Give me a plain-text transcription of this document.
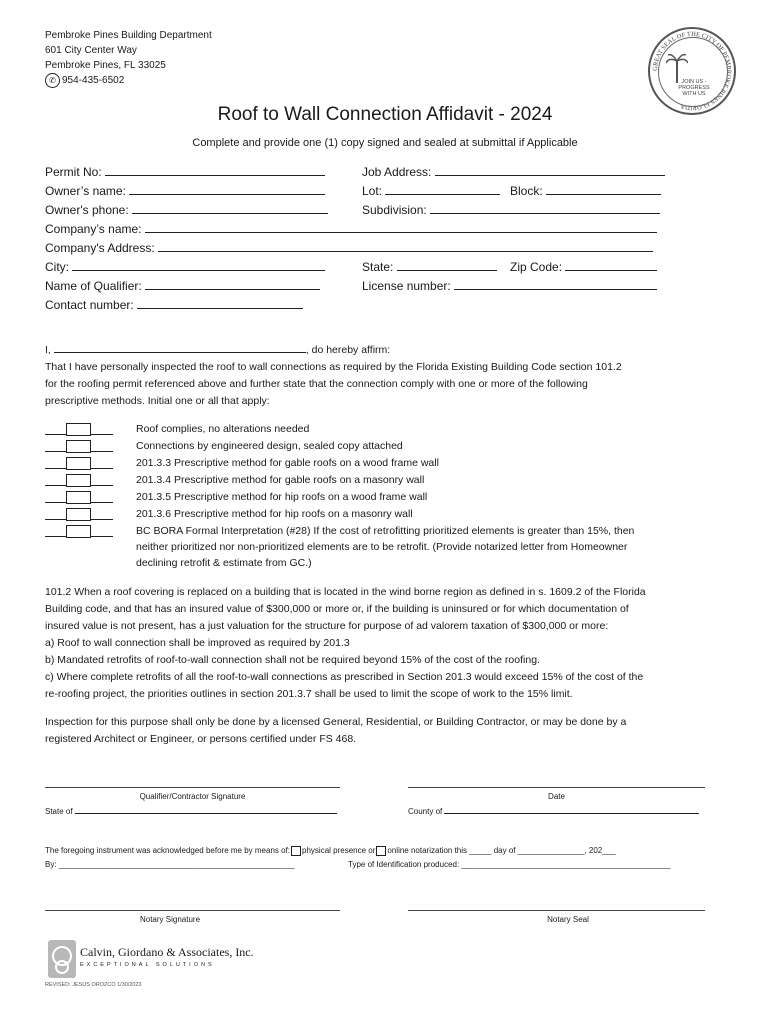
Pembroke Pines Building Department
601 City Center Way
Pembroke Pines, FL 33025
✆ 954-435-6502
GREAT SEAL OF THE CITY OF PEMBROKE PINES FLORIDA
JOIN US -
PROGRESS
WITH US
Roof to Wall Connection Affidavit - 2024
Complete and provide one (1) copy signed and sealed at submittal if Applicable
Permit No:	Job Address:
Owner’s name:	Lot:	Block:
Owner's phone:	Subdivision:
Company’s name:
Company's Address:
City:	State:	Zip Code:
Name of Qualifier:	License number:
Contact number:
I,	, do hereby affirm:
That I have personally inspected the roof to wall connections as required by the Florida Existing Building Code section 101.2
for the roofing permit referenced above and further state that the connection comply with one or more of the following
prescriptive methods. Initial one or all that apply:
Roof complies, no alterations needed
Connections by engineered design, sealed copy attached
201.3.3 Prescriptive method for gable roofs on a wood frame wall
201.3.4 Prescriptive method for gable roofs on a masonry wall
201.3.5 Prescriptive method for hip roofs on a wood frame wall
201.3.6 Prescriptive method for hip roofs on a masonry wall
BC BORA Formal Interpretation (#28) If the cost of retrofitting prioritized elements is greater than 15%, then
neither prioritized nor non-prioritized elements are to be retrofit. (Provide notarized letter from Homeowner
declining retrofit & estimate from GC.)
101.2 When a roof covering is replaced on a building that is located in the wind borne region as defined in s. 1609.2 of the Florida
Building code, and that has an insured value of $300,000 or more or, if the building is uninsured or for which documentation of
insured value is not present, has a just valuation for the structure for purpose of ad valorem taxation of $300,000 or more:
a) Roof to wall connection shall be improved as required by 201.3
b) Mandated retrofits of roof-to-wall connection shall not be required beyond 15% of the cost of the roofing.
c) Where complete retrofits of all the roof-to-wall connections as prescribed in Section 201.3 would exceed 15% of the cost of the
re-roofing project, the priorities outlines in section 201.3.7 shall be used to limit the scope of work to the 15% limit.
Inspection for this purpose shall only be done by a licensed General, Residential, or Building Contractor, or may be done by a
registered Architect or Engineer, or persons certified under FS 468.
Qualifier/Contractor Signature	Date
State of	County of
The foregoing instrument was acknowledged before me by means of: physical presence or online notarization this _____ day of _______________, 202___
By: _____________________________________________________	Type of Identification produced: _______________________________________________
Notary Signature	Notary Seal
Calvin, Giordano & Associates, Inc.
EXCEPTIONAL SOLUTIONS
REVISED: JESUS OROZCO 1/30/2023
